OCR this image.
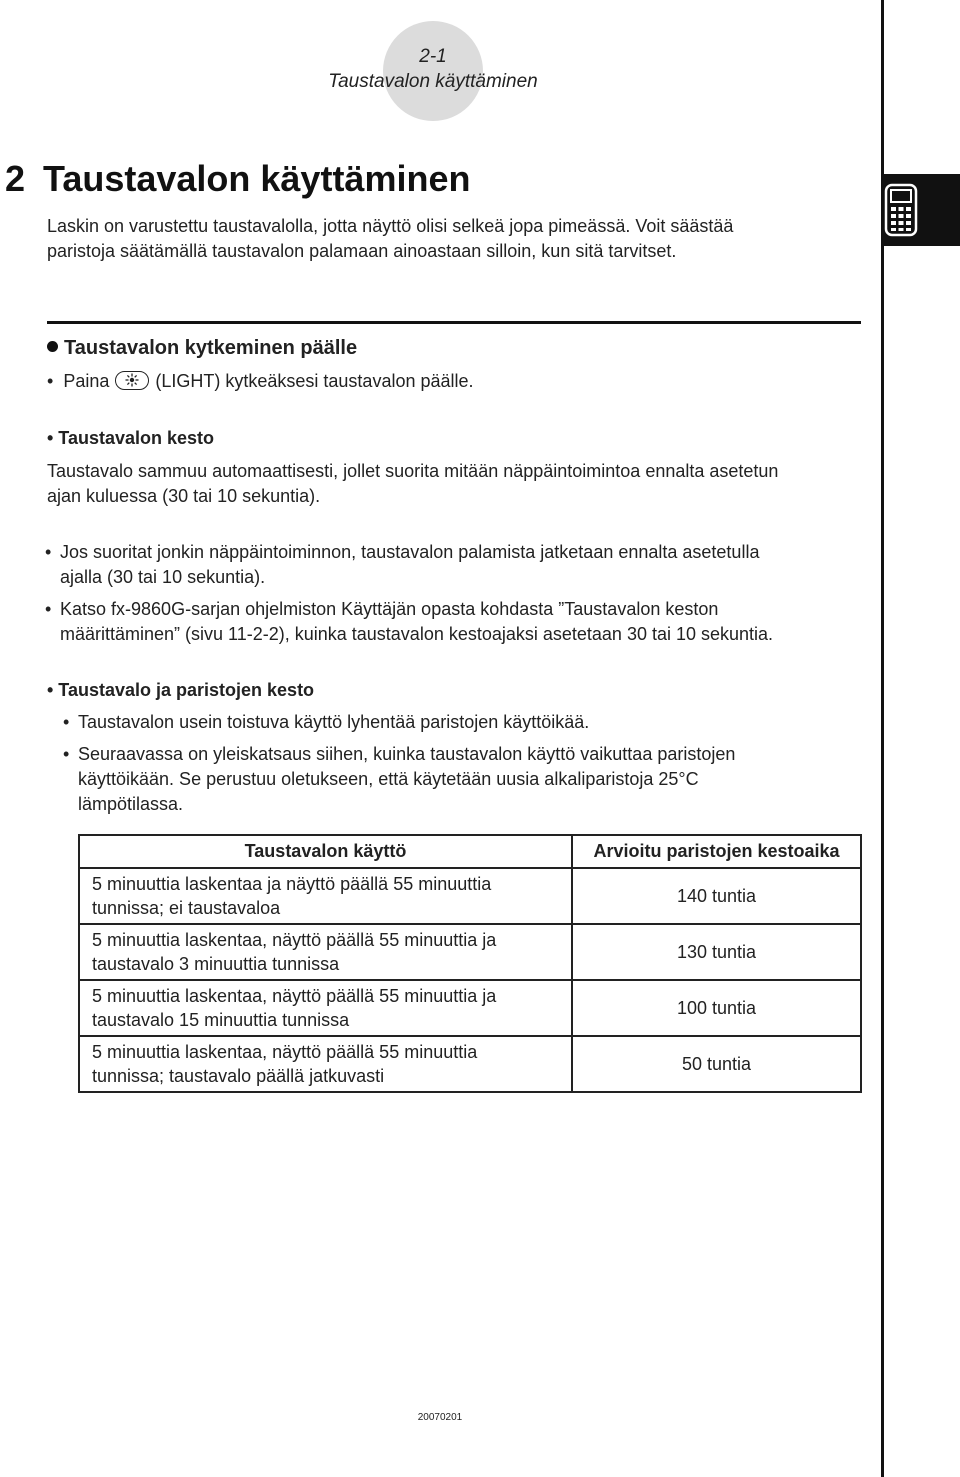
2-1
Taustavalon käyttäminen
2 Taustavalon käyttäminen

Laskin on varustettu taustavalolla, jotta näyttö olisi selkeä jopa pimeässä. Voit säästää

paristoja säätämällä taustavalon palamaan ainoastaan silloin, kun sitä tarvitset.

Taustavalon kytkeminen päälle
• Paina	(LIGHT) kytkeäksesi taustavalon päälle.
• Taustavalon kesto

Taustavalo sammuu automaattisesti, jollet suorita mitään näppäintoimintoa ennalta asetetun

ajan kuluessa (30 tai 10 sekuntia).

• Jos suoritat jonkin näppäintoiminnon, taustavalon palamista jatketaan ennalta asetetulla
ajalla (30 tai 10 sekuntia).
• Katso fx-9860G-sarjan ohjelmiston Käyttäjän opasta kohdasta ”Taustavalon keston
määrittäminen” (sivu 11-2-2), kuinka taustavalon kestoajaksi asetetaan 30 tai 10 sekuntia.
• Taustavalo ja paristojen kesto
• Taustavalon usein toistuva käyttö lyhentää paristojen käyttöikää.
• Seuraavassa on yleiskatsaus siihen, kuinka taustavalon käyttö vaikuttaa paristojen
käyttöikään. Se perustuu oletukseen, että käytetään uusia alkaliparistoja 25°C
lämpötilassa.
Taustavalon käyttö	Arvioitu paristojen kestoaika

5 minuuttia laskentaa ja näyttö päällä 55 minuuttia
tunnissa; ei taustavaloa	140 tuntia

5 minuuttia laskentaa, näyttö päällä 55 minuuttia ja
taustavalo 3 minuuttia tunnissa	130 tuntia

5 minuuttia laskentaa, näyttö päällä 55 minuuttia ja
taustavalo 15 minuuttia tunnissa	100 tuntia

5 minuuttia laskentaa, näyttö päällä 55 minuuttia
tunnissa; taustavalo päällä jatkuvasti	50 tuntia
20070201
